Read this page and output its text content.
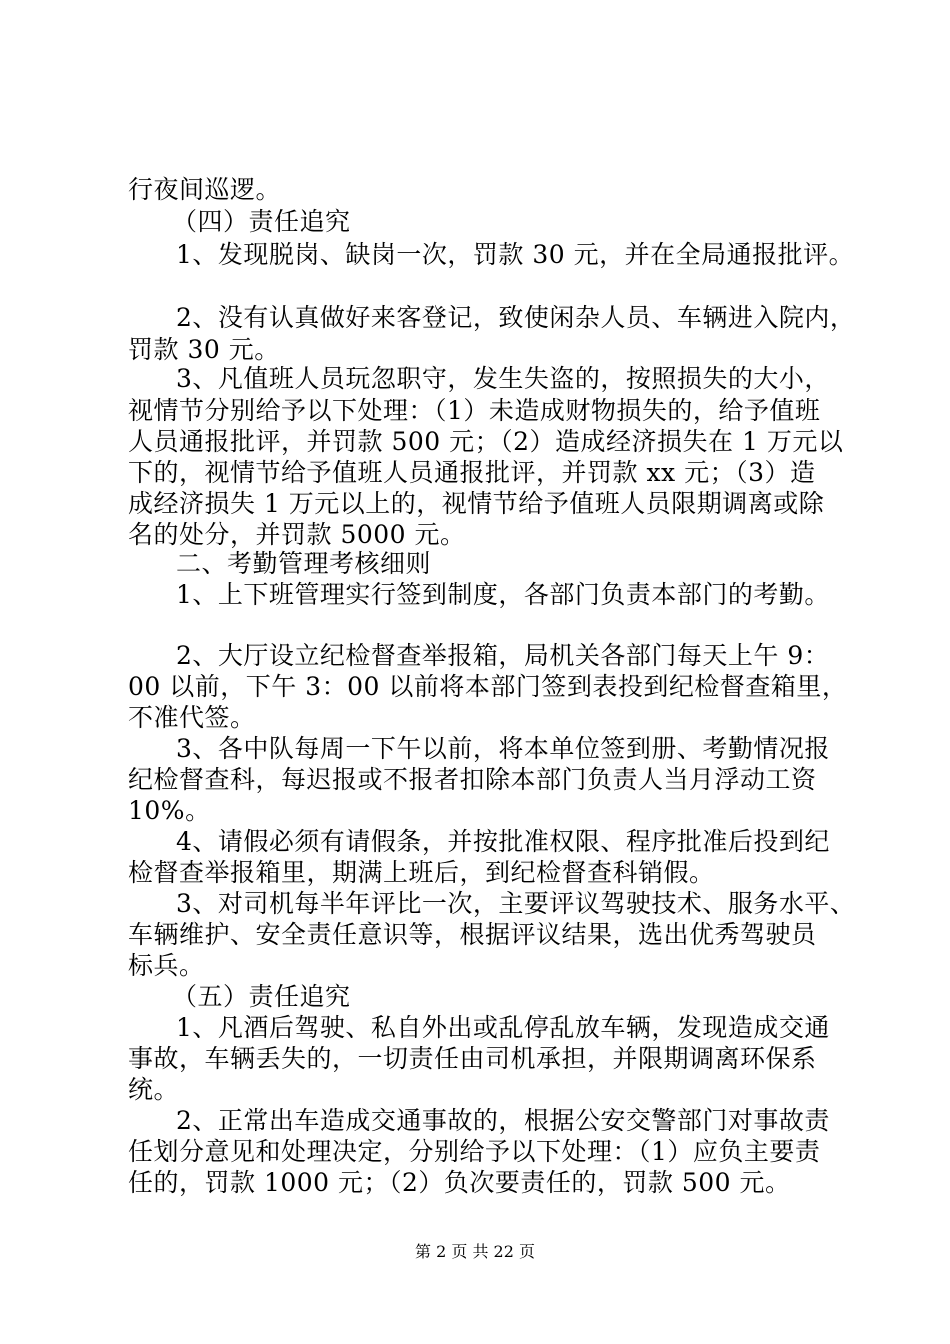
行夜间巡逻。
（四）责任追究
1、发现脱岗、缺岗一次，罚款 30 元，并在全局通报批评。
2、没有认真做好来客登记，致使闲杂人员、车辆进入院内，
罚款 30 元。
3、凡值班人员玩忽职守，发生失盗的，按照损失的大小，
视情节分别给予以下处理：（1）未造成财物损失的，给予值班
人员通报批评，并罚款 500 元；（2）造成经济损失在 1 万元以
下的，视情节给予值班人员通报批评，并罚款 xx 元；（3）造
成经济损失 1 万元以上的，视情节给予值班人员限期调离或除
名的处分，并罚款 5000 元。
二、考勤管理考核细则
1、上下班管理实行签到制度，各部门负责本部门的考勤。
2、大厅设立纪检督查举报箱，局机关各部门每天上午 9：
00 以前，下午 3：00 以前将本部门签到表投到纪检督查箱里，
不准代签。
3、各中队每周一下午以前，将本单位签到册、考勤情况报
纪检督查科，每迟报或不报者扣除本部门负责人当月浮动工资
10%。
4、请假必须有请假条，并按批准权限、程序批准后投到纪
检督查举报箱里，期满上班后，到纪检督查科销假。
3、对司机每半年评比一次，主要评议驾驶技术、服务水平、
车辆维护、安全责任意识等，根据评议结果，选出优秀驾驶员
标兵。
（五）责任追究
1、凡酒后驾驶、私自外出或乱停乱放车辆，发现造成交通
事故，车辆丢失的，一切责任由司机承担，并限期调离环保系
统。
2、正常出车造成交通事故的，根据公安交警部门对事故责
任划分意见和处理决定，分别给予以下处理：（1）应负主要责
任的，罚款 1000 元；（2）负次要责任的，罚款 500 元。
第 2 页 共 22 页
